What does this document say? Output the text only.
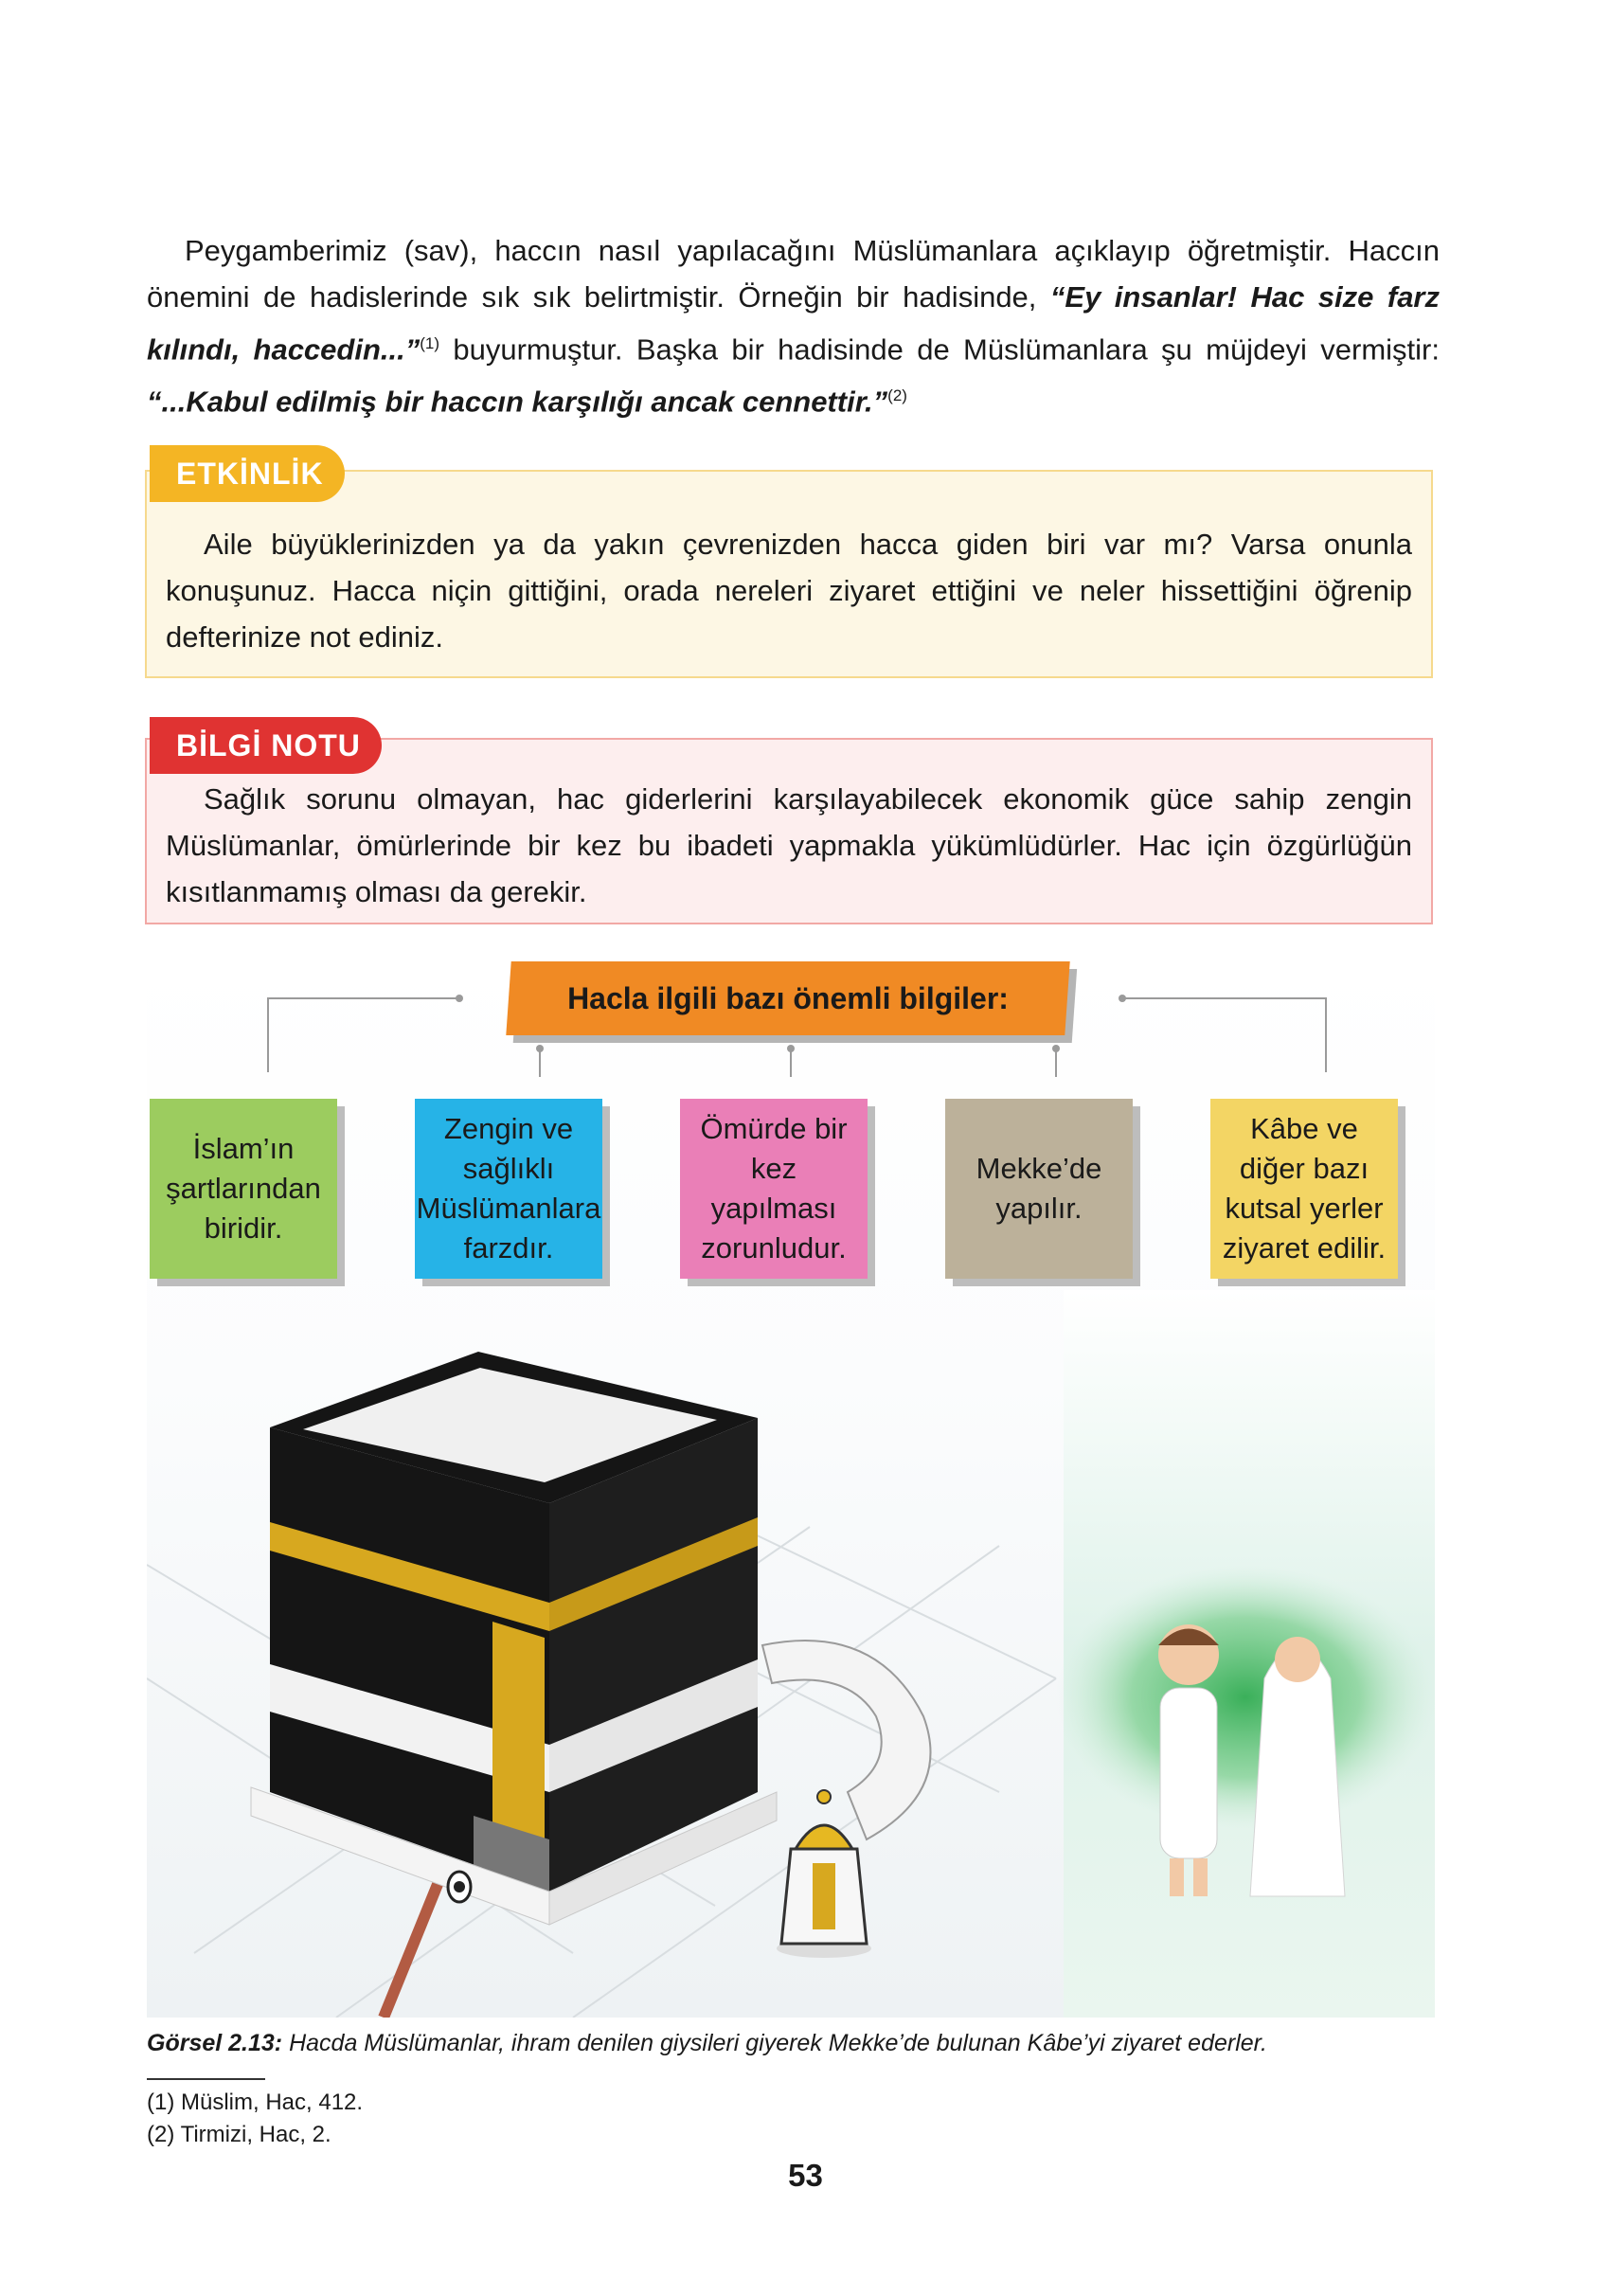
Peygamberimiz (sav), haccın nasıl yapılacağını Müslümanlara açıklayıp öğretmiştir. Haccın önemini de hadislerinde sık sık belirtmiştir. Örneğin bir hadisinde, “Ey insanlar! Hac size farz kılındı, haccedin...”$^{(1)}$ buyurmuştur. Başka bir hadisinde de Müslümanlara şu müjdeyi vermiştir: “...Kabul edilmiş bir haccın karşılığı ancak cennettir.”$^{(2)}$

Aile büyüklerinizden ya da yakın çevrenizden hacca giden biri var mı? Varsa onunla konuşunuz. Hacca niçin gittiğini, orada nereleri ziyaret ettiğini ve neler hissettiğini öğrenip defterinize not ediniz.

ETKİNLİK

Sağlık sorunu olmayan, hac giderlerini karşılayabilecek ekonomik güce sahip zengin Müslümanlar, ömürlerinde bir kez bu ibadeti yapmakla yükümlüdürler. Hac için özgürlüğün kısıtlanmamış olması da gerekir.

BİLGİ NOTU
Hacla ilgili bazı önemli bilgiler:
İslam’ın şartlarından biridir.
Zengin ve sağlıklı Müslümanlara farzdır.
Ömürde bir kez yapılması zorunludur.
Mekke’de yapılır.
Kâbe ve diğer bazı kutsal yerler ziyaret edilir.
Görsel 2.13: Hacda Müslümanlar, ihram denilen giysileri giyerek Mekke’de bulunan Kâbe’yi ziyaret ederler.
(1) Müslim, Hac, 412.
(2) Tirmizi, Hac, 2.
53
